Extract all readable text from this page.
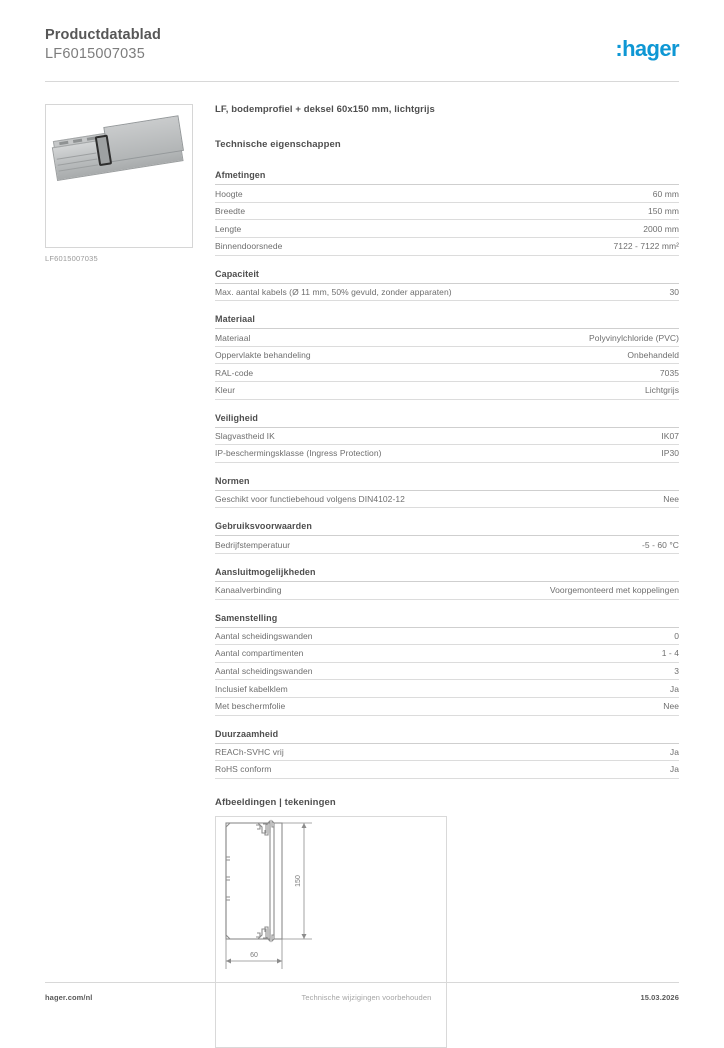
Productdatablad
LF6015007035	:hager
LF6015007035
LF, bodemprofiel + deksel 60x150 mm, lichtgrijs
Technische eigenschappen
Afmetingen
Hoogte	60 mm
Breedte	150 mm
Lengte	2000 mm
Binnendoorsnede	7122 - 7122 mm²
Capaciteit
Max. aantal kabels (Ø 11 mm, 50% gevuld, zonder apparaten)	30
Materiaal
Materiaal	Polyvinylchloride (PVC)
Oppervlakte behandeling	Onbehandeld
RAL-code	7035
Kleur	Lichtgrijs
Veiligheid
Slagvastheid IK	IK07
IP-beschermingsklasse (Ingress Protection)	IP30
Normen
Geschikt voor functiebehoud volgens DIN4102-12	Nee
Gebruiksvoorwaarden
Bedrijfstemperatuur	-5 - 60 °C
Aansluitmogelijkheden
Kanaalverbinding	Voorgemonteerd met koppelingen
Samenstelling
Aantal scheidingswanden	0
Aantal compartimenten	1 - 4
Aantal scheidingswanden	3
Inclusief kabelklem	Ja
Met beschermfolie	Nee
Duurzaamheid
REACh-SVHC vrij	Ja
RoHS conform	Ja
Afbeeldingen | tekeningen
150
60
hager.com/nl	Technische wijzigingen voorbehouden	15.03.2026
